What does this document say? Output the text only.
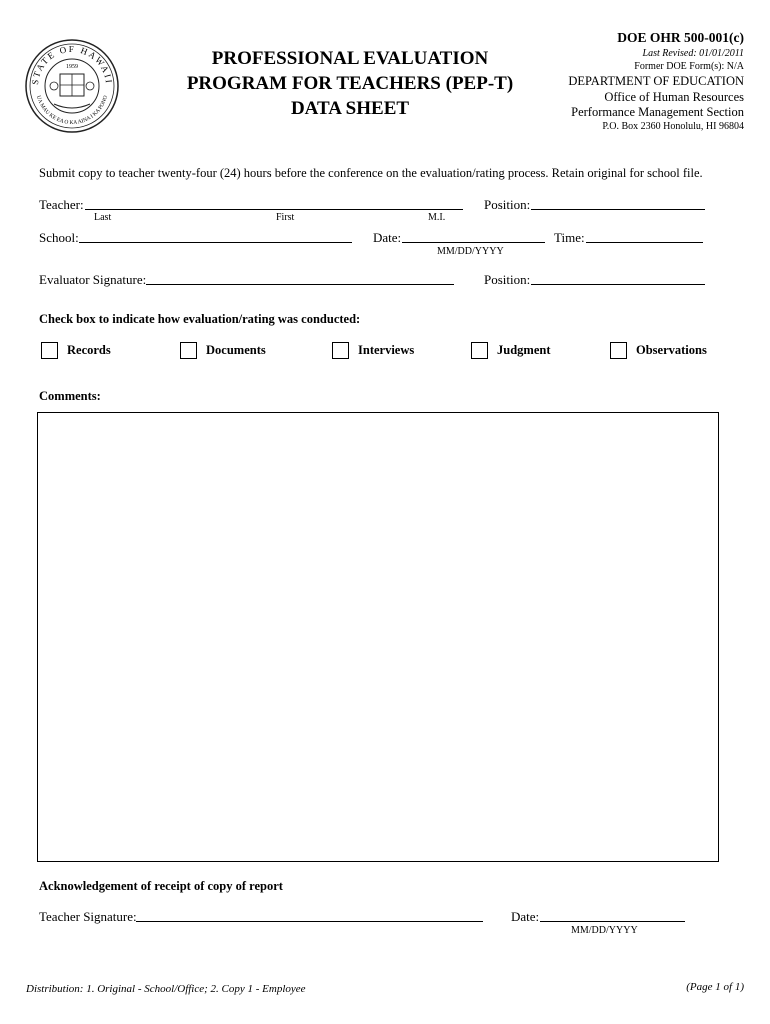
STATE OF HAWAII
UA MAU KE EA O KA AINA I KA PONO
1959	PROFESSIONAL EVALUATION
PROGRAM FOR TEACHERS (PEP-T)
DATA SHEET
DOE OHR 500-001(c)
Last Revised: 01/01/2011
Former DOE Form(s): N/A
DEPARTMENT OF EDUCATION
Office of Human Resources
Performance Management Section
P.O. Box 2360 Honolulu, HI 96804
Submit copy to teacher twenty-four (24) hours before the conference on the evaluation/rating process. Retain original for school file.
Teacher:	Position:
Last	First	M.I.
School:	Date:	Time:
MM/DD/YYYY
Evaluator Signature:	Position:
Check box to indicate how evaluation/rating was conducted:
Records	Documents	Interviews	Judgment	Observations
Comments:
Acknowledgement of receipt of copy of report
Teacher Signature:	Date:
MM/DD/YYYY
Distribution: 1. Original - School/Office; 2. Copy 1 - Employee	(Page 1 of 1)
